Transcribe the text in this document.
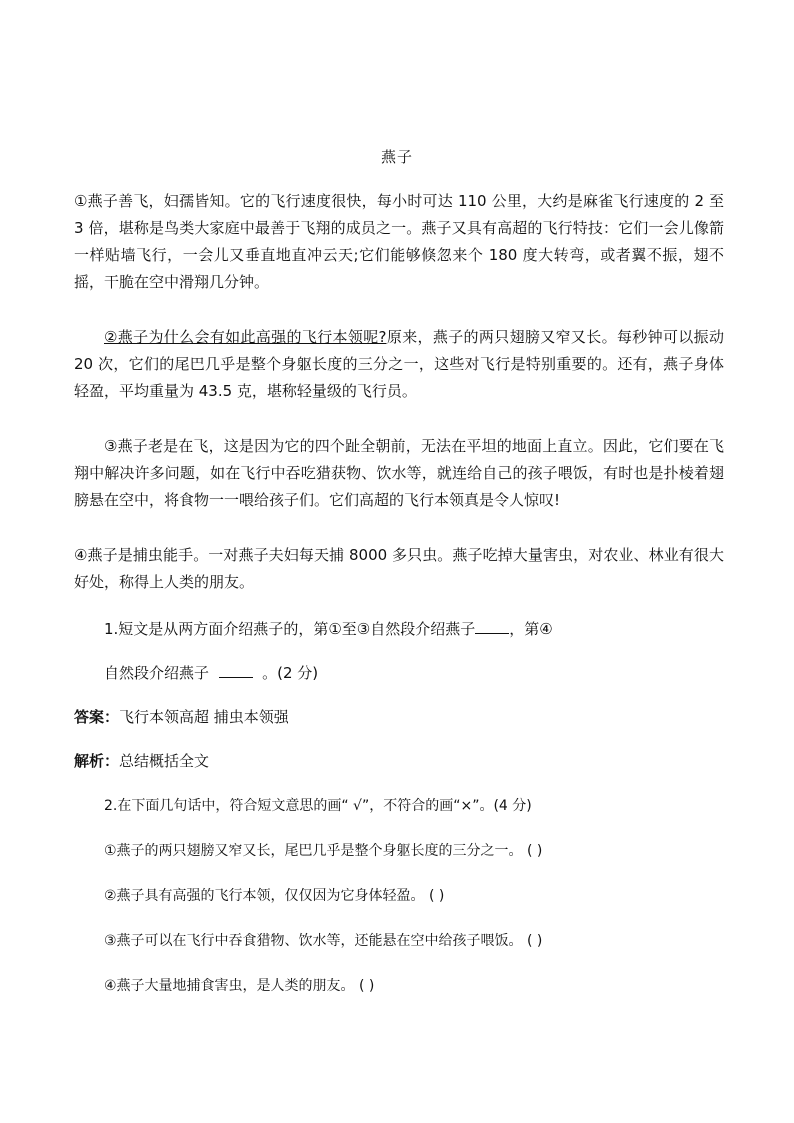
燕子
①燕子善飞，妇孺皆知。它的飞行速度很快，每小时可达 110 公里，大约是麻雀飞行速度的 2 至 3 倍，堪称是鸟类大家庭中最善于飞翔的成员之一。燕子又具有高超的飞行特技：它们一会儿像箭一样贴墙飞行，一会儿又垂直地直冲云天;它们能够倏忽来个 180 度大转弯，或者翼不振，翅不摇，干脆在空中滑翔几分钟。
②燕子为什么会有如此高强的飞行本领呢?原来，燕子的两只翅膀又窄又长。每秒钟可以振动 20 次，它们的尾巴几乎是整个身躯长度的三分之一，这些对飞行是特别重要的。还有，燕子身体轻盈，平均重量为 43.5 克，堪称轻量级的飞行员。
③燕子老是在飞，这是因为它的四个趾全朝前，无法在平坦的地面上直立。因此，它们要在飞翔中解决许多问题，如在飞行中吞吃猎获物、饮水等，就连给自己的孩子喂饭，有时也是扑棱着翅膀悬在空中，将食物一一喂给孩子们。它们高超的飞行本领真是令人惊叹!
④燕子是捕虫能手。一对燕子夫妇每天捕 8000 多只虫。燕子吃掉大量害虫，对农业、林业有很大好处，称得上人类的朋友。
1.短文是从两方面介绍燕子的，第①至③自然段介绍燕子 ，第④
自然段介绍燕子	。(2 分)
答案：飞行本领高超 捕虫本领强
解析：总结概括全文
2.在下面几句话中，符合短文意思的画“ √”，不符合的画“×”。(4 分)
①燕子的两只翅膀又窄又长，尾巴几乎是整个身躯长度的三分之一。 ( )
②燕子具有高强的飞行本领，仅仅因为它身体轻盈。 ( )
③燕子可以在飞行中吞食猎物、饮水等，还能悬在空中给孩子喂饭。 ( )
④燕子大量地捕食害虫，是人类的朋友。 ( )
